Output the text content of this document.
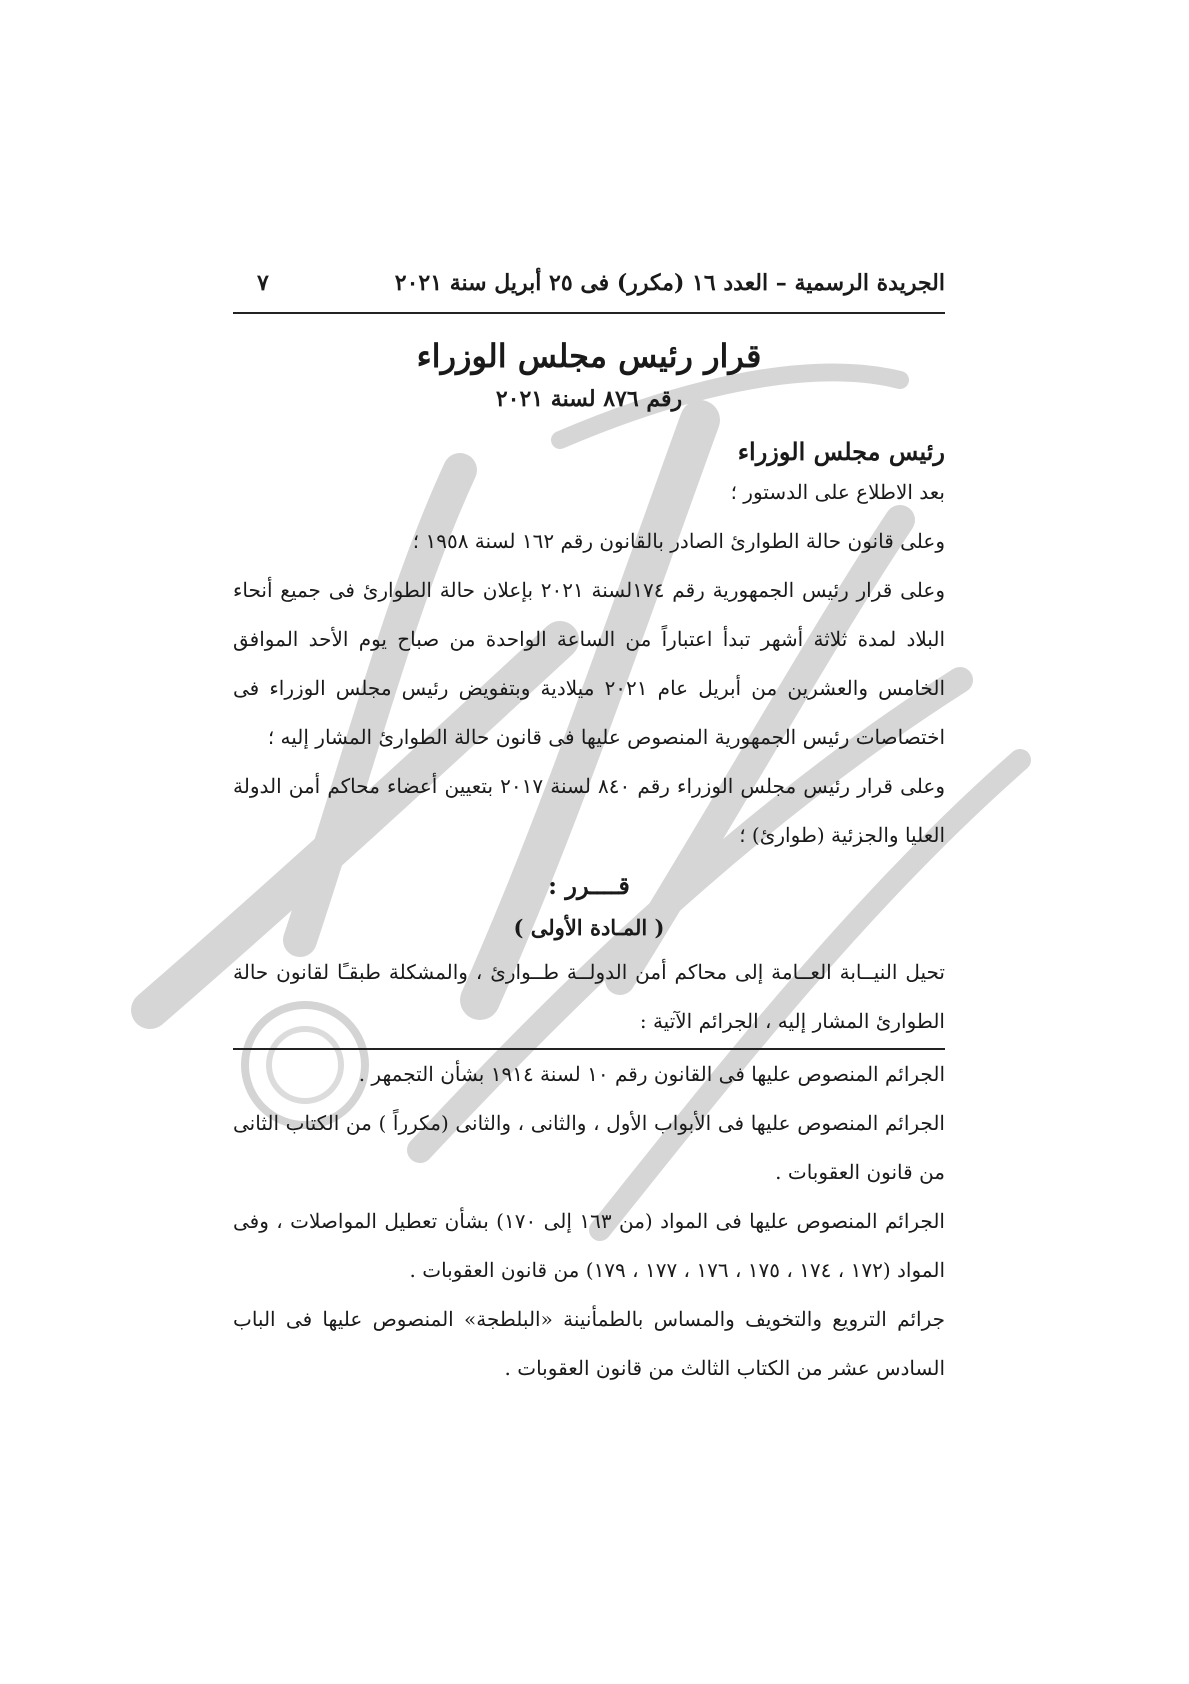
الجريدة الرسمية – العدد ١٦ (مكرر) فى ٢٥ أبريل سنة ٢٠٢١
٧
قرار رئيس مجلس الوزراء
رقم ٨٧٦ لسنة ٢٠٢١
رئيس مجلس الوزراء

بعد الاطلاع على الدستور ؛

وعلى قانون حالة الطوارئ الصادر بالقانون رقم ١٦٢ لسنة ١٩٥٨ ؛

وعلى قرار رئيس الجمهورية رقم ١٧٤لسنة ٢٠٢١ بإعلان حالة الطوارئ فى جميع أنحاء البلاد لمدة ثلاثة أشهر تبدأ اعتباراً من الساعة الواحدة من صباح يوم الأحد الموافق الخامس والعشرين من أبريل عام ٢٠٢١ ميلادية وبتفويض رئيس مجلس الوزراء فى اختصاصات رئيس الجمهورية المنصوص عليها فى قانون حالة الطوارئ المشار إليه ؛

وعلى قرار رئيس مجلس الوزراء رقم ٨٤٠ لسنة ٢٠١٧ بتعيين أعضاء محاكم أمن الدولة العليا والجزئية (طوارئ) ؛

قــــرر :
( المـادة الأولى )

تحيل النيــابة العــامة إلى محاكم أمن الدولــة طــوارئ ، والمشكلة طبقـًا لقانون حالة الطوارئ المشار إليه ، الجرائم الآتية :

الجرائم المنصوص عليها فى القانون رقم ١٠ لسنة ١٩١٤ بشأن التجمهر .

الجرائم المنصوص عليها فى الأبواب الأول ، والثانى ، والثانى (مكرراً ) من الكتاب الثانى من قانون العقوبات .

الجرائم المنصوص عليها فى المواد (من ١٦٣ إلى ١٧٠) بشأن تعطيل المواصلات ، وفى المواد (١٧٢ ، ١٧٤ ، ١٧٥ ، ١٧٦ ، ١٧٧ ، ١٧٩) من قانون العقوبات .

جرائم الترويع والتخويف والمساس بالطمأنينة «البلطجة» المنصوص عليها فى الباب السادس عشر من الكتاب الثالث من قانون العقوبات .
